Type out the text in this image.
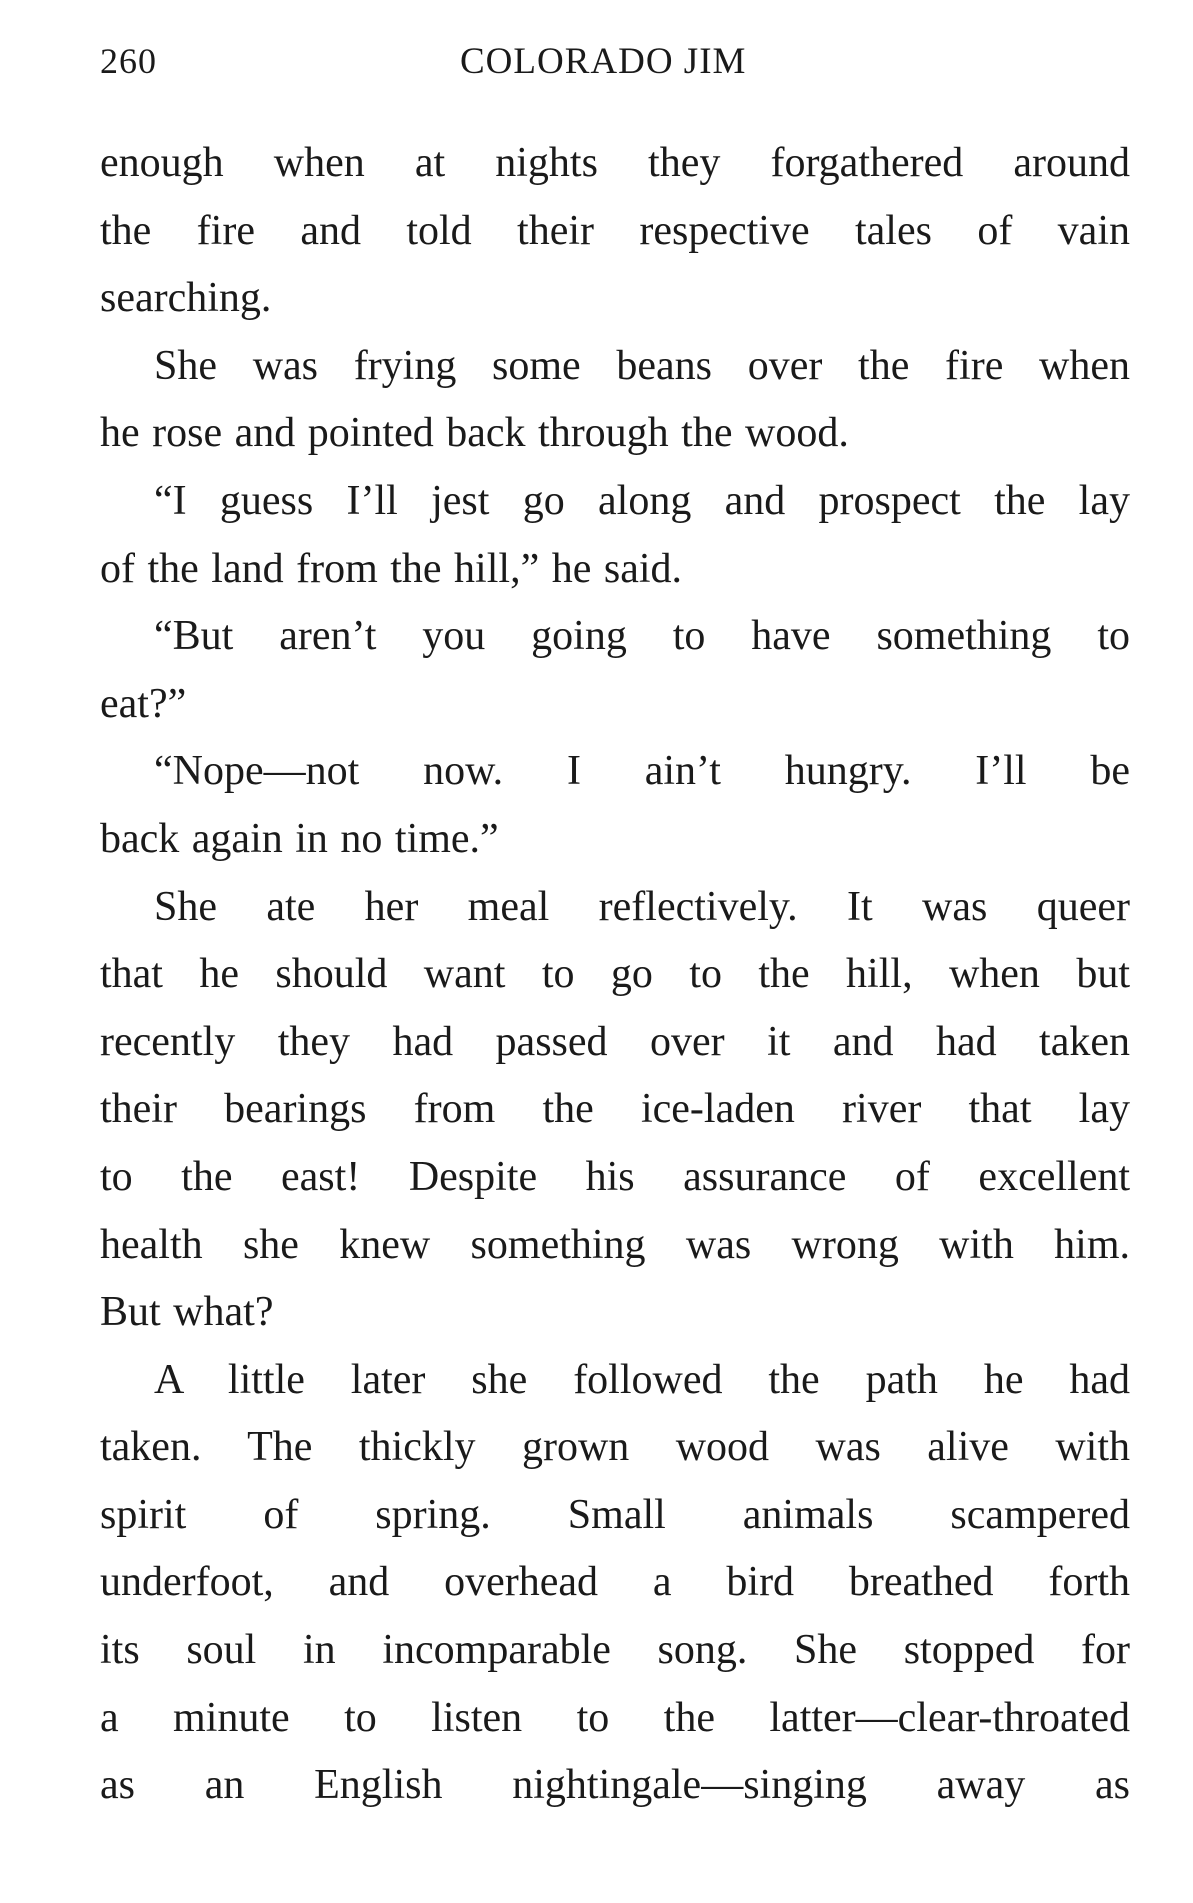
260	COLORADO JIM
enough when at nights they forgathered around
the fire and told their respective tales of vain
searching.
She was frying some beans over the fire when
he rose and pointed back through the wood.
“I guess I’ll jest go along and prospect the lay
of the land from the hill,” he said.
“But aren’t you going to have something to
eat?”
“Nope—not now. I ain’t hungry. I’ll be
back again in no time.”
She ate her meal reflectively. It was queer
that he should want to go to the hill, when but
recently they had passed over it and had taken
their bearings from the ice-laden river that lay
to the east! Despite his assurance of excellent
health she knew something was wrong with him.
But what?
A little later she followed the path he had
taken. The thickly grown wood was alive with
spirit of spring. Small animals scampered
underfoot, and overhead a bird breathed forth
its soul in incomparable song. She stopped for
a minute to listen to the latter—clear-throated
as an English nightingale—singing away as
